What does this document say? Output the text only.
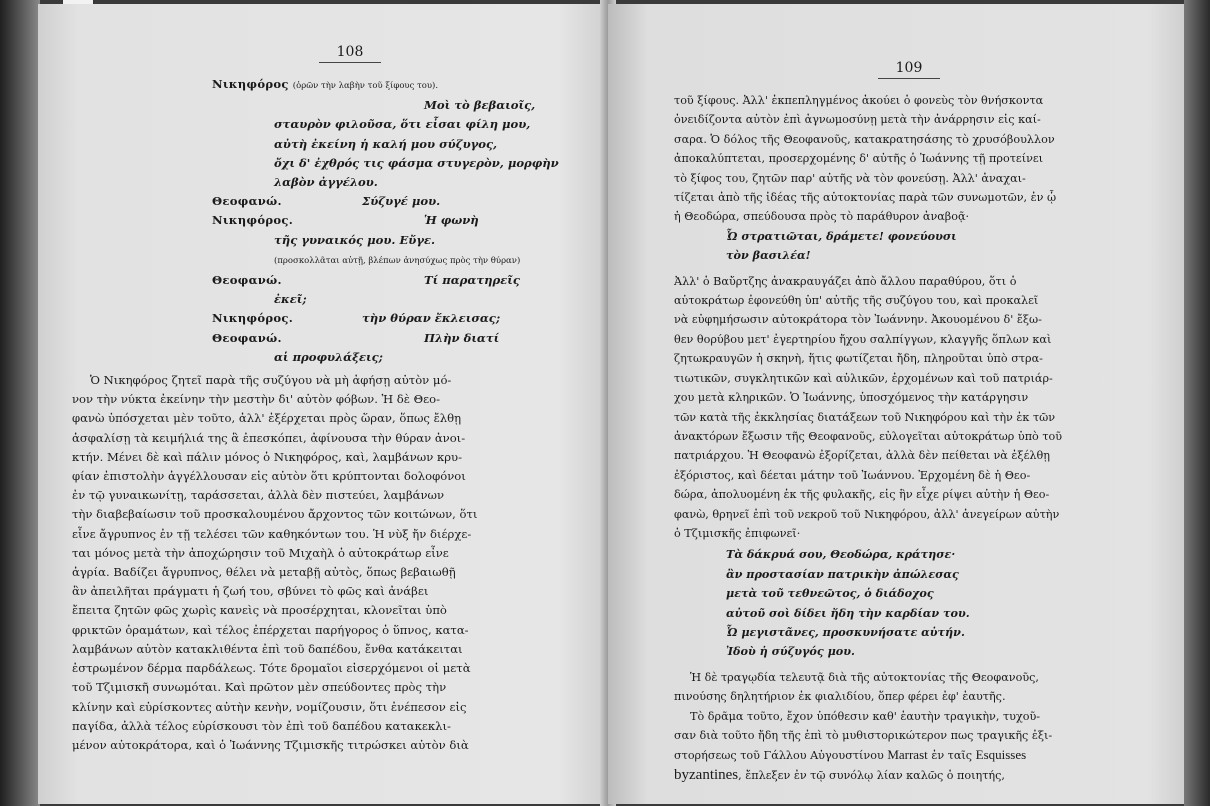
108
Νικηφόρος (ὁρῶν τὴν λαβὴν τοῦ ξίφους του).
Μοὶ τὸ βεβαιοῖς,
σταυρὸν φιλοῦσα, ὅτι εἶσαι φίλη μου,
αὐτὴ ἐκείνη ἡ καλή μου σύζυγος,
ὄχι δ' ἐχθρός τις φάσμα στυγερὸν, μορφὴν
λαβὸν ἀγγέλου.
Θεοφανώ.	Σύζυγέ μου.
Νικηφόρος.	Ἡ φωνὴ
τῆς γυναικός μου. Εὔγε.
(προσκολλᾶται αὐτῇ, βλέπων ἀνησύχως πρὸς τὴν θύραν)
Θεοφανώ.	Τί παρατηρεῖς
ἐκεῖ;
Νικηφόρος.	τὴν θύραν ἔκλεισας;
Θεοφανώ.	Πλὴν διατί
αἱ προφυλάξεις;
Ὁ Νικηφόρος ζητεῖ παρὰ τῆς συζύγου νὰ μὴ ἀφήσῃ αὐτὸν μό-
νον τὴν νύκτα ἐκείνην τὴν μεστὴν δι' αὐτὸν φόβων. Ἡ δὲ Θεο-
φανὼ ὑπόσχεται μὲν τοῦτο, ἀλλ' ἐξέρχεται πρὸς ὥραν, ὅπως ἔλθῃ
ἀσφαλίσῃ τὰ κειμήλιά της ἃ ἐπεσκόπει, ἀφίνουσα τὴν θύραν ἀνοι-
κτήν. Μένει δὲ καὶ πάλιν μόνος ὁ Νικηφόρος, καὶ, λαμβάνων κρυ-
φίαν ἐπιστολὴν ἀγγέλλουσαν εἰς αὐτὸν ὅτι κρύπτονται δολοφόνοι
ἐν τῷ γυναικωνίτῃ, ταράσσεται, ἀλλὰ δὲν πιστεύει, λαμβάνων
τὴν διαβεβαίωσιν τοῦ προσκαλουμένου ἄρχοντος τῶν κοιτώνων, ὅτι
εἶνε ἄγρυπνος ἐν τῇ τελέσει τῶν καθηκόντων του. Ἡ νὺξ ἤν διέρχε-
ται μόνος μετὰ τὴν ἀποχώρησιν τοῦ Μιχαὴλ ὁ αὐτοκράτωρ εἶνε
ἀγρία. Βαδίζει ἄγρυπνος, θέλει νὰ μεταβῇ αὐτὸς, ὅπως βεβαιωθῇ
ἂν ἀπειλῆται πράγματι ἡ ζωή του, σβύνει τὸ φῶς καὶ ἀνάβει
ἔπειτα ζητῶν φῶς χωρὶς κανεὶς νὰ προσέρχηται, κλονεῖται ὑπὸ
φρικτῶν ὁραμάτων, καὶ τέλος ἐπέρχεται παρήγορος ὁ ὕπνος, κατα-
λαμβάνων αὐτὸν κατακλιθέντα ἐπὶ τοῦ δαπέδου, ἔνθα κατάκειται
ἐστρωμένον δέρμα παρδάλεως. Τότε δρομαῖοι εἰσερχόμενοι οἱ μετὰ
τοῦ Τζιμισκῆ συνωμόται. Καὶ πρῶτον μὲν σπεύδοντες πρὸς τὴν
κλίνην καὶ εὑρίσκοντες αὐτὴν κενὴν, νομίζουσιν, ὅτι ἐνέπεσον εἰς
παγίδα, ἀλλὰ τέλος εὑρίσκουσι τὸν ἐπὶ τοῦ δαπέδου κατακεκλι-
μένον αὐτοκράτορα, καὶ ὁ Ἰωάννης Τζιμισκῆς τιτρώσκει αὐτὸν διὰ
109
τοῦ ξίφους. Ἀλλ' ἐκπεπληγμένος ἀκούει ὁ φονεὺς τὸν θνήσκοντα
ὀνειδίζοντα αὐτὸν ἐπὶ ἀγνωμοσύνῃ μετὰ τὴν ἀνάρρησιν εἰς καί-
σαρα. Ὁ δόλος τῆς Θεοφανοῦς, κατακρατησάσης τὸ χρυσόβουλλον
ἀποκαλύπτεται, προσερχομένης δ' αὐτῆς ὁ Ἰωάννης τῇ προτείνει
τὸ ξίφος του, ζητῶν παρ' αὐτῆς νὰ τὸν φονεύσῃ. Ἀλλ' ἀναχαι-
τίζεται ἀπὸ τῆς ἰδέας τῆς αὐτοκτονίας παρὰ τῶν συνωμοτῶν, ἐν ᾧ
ἡ Θεοδώρα, σπεύδουσα πρὸς τὸ παράθυρον ἀναβοᾷ·
Ὦ στρατιῶται, δράμετε! φονεύουσι
τὸν βασιλέα!
Ἀλλ' ὁ Βαὔρτζης ἀνακραυγάζει ἀπὸ ἄλλου παραθύρου, ὅτι ὁ
αὐτοκράτωρ ἐφονεύθη ὑπ' αὐτῆς τῆς συζύγου του, καὶ προκαλεῖ
νὰ εὐφημήσωσιν αὐτοκράτορα τὸν Ἰωάννην. Ἀκουομένου δ' ἔξω-
θεν θορύβου μετ' ἐγερτηρίου ἤχου σαλπίγγων, κλαγγῆς ὅπλων καὶ
ζητωκραυγῶν ἡ σκηνὴ, ἥτις φωτίζεται ἤδη, πληροῦται ὑπὸ στρα-
τιωτικῶν, συγκλητικῶν καὶ αὐλικῶν, ἐρχομένων καὶ τοῦ πατριάρ-
χου μετὰ κληρικῶν. Ὁ Ἰωάννης, ὑποσχόμενος τὴν κατάργησιν
τῶν κατὰ τῆς ἐκκλησίας διατάξεων τοῦ Νικηφόρου καὶ τὴν ἐκ τῶν
ἀνακτόρων ἔξωσιν τῆς Θεοφανοῦς, εὐλογεῖται αὐτοκράτωρ ὑπὸ τοῦ
πατριάρχου. Ἡ Θεοφανὼ ἐξορίζεται, ἀλλὰ δὲν πείθεται νὰ ἐξέλθῃ
ἐξόριστος, καὶ δέεται μάτην τοῦ Ἰωάννου. Ἐρχομένη δὲ ἡ Θεο-
δώρα, ἀπολυομένη ἐκ τῆς φυλακῆς, εἰς ἣν εἶχε ρίψει αὐτὴν ἡ Θεο-
φανὼ, θρηνεῖ ἐπὶ τοῦ νεκροῦ τοῦ Νικηφόρου, ἀλλ' ἀνεγείρων αὐτὴν
ὁ Τζιμισκῆς ἐπιφωνεῖ·
Τὰ δάκρυά σου, Θεοδώρα, κράτησε·
ἂν προστασίαν πατρικὴν ἀπώλεσας
μετὰ τοῦ τεθνεῶτος, ὁ διάδοχος
αὐτοῦ σοὶ δίδει ἤδη τὴν καρδίαν του.
Ὦ μεγιστᾶνες, προσκυνήσατε αὐτήν.
Ἰδοὺ ἡ σύζυγός μου.
Ἡ δὲ τραγῳδία τελευτᾷ διὰ τῆς αὐτοκτονίας τῆς Θεοφανοῦς,
πινούσης δηλητήριον ἐκ φιαλιδίου, ὅπερ φέρει ἐφ' ἑαυτῆς.
Τὸ δρᾶμα τοῦτο, ἔχον ὑπόθεσιν καθ' ἑαυτὴν τραγικὴν, τυχοῦ-
σαν διὰ τοῦτο ἤδη τῆς ἐπὶ τὸ μυθιστορικώτερον πως τραγικῆς ἐξι-
στορήσεως τοῦ Γάλλου Αὐγουστίνου Marrast ἐν ταῖς Esquisses
byzantines, ἔπλεξεν ἐν τῷ συνόλῳ λίαν καλῶς ὁ ποιητής,
